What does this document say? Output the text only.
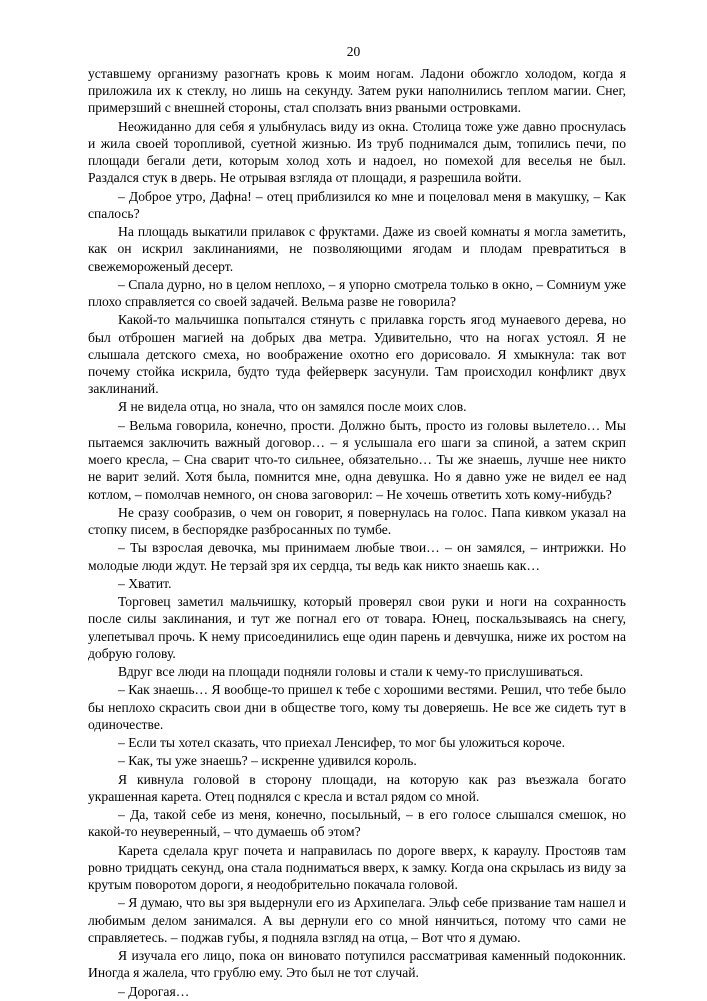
20

уставшему организму разогнать кровь к моим ногам. Ладони обожгло холодом, когда я приложила их к стеклу, но лишь на секунду. Затем руки наполнились теплом магии. Снег, примерзший с внешней стороны, стал сползать вниз рваными островками.

Неожиданно для себя я улыбнулась виду из окна. Столица тоже уже давно проснулась и жила своей торопливой, суетной жизнью. Из труб поднимался дым, топились печи, по площади бегали дети, которым холод хоть и надоел, но помехой для веселья не был. Раздался стук в дверь. Не отрывая взгляда от площади, я разрешила войти.

– Доброе утро, Дафна! – отец приблизился ко мне и поцеловал меня в макушку, – Как спалось?

На площадь выкатили прилавок с фруктами. Даже из своей комнаты я могла заметить, как он искрил заклинаниями, не позволяющими ягодам и плодам превратиться в свежемороженый десерт.

– Спала дурно, но в целом неплохо, – я упорно смотрела только в окно, – Сомниум уже плохо справляется со своей задачей. Вельма разве не говорила?

Какой-то мальчишка попытался стянуть с прилавка горсть ягод мунаевого дерева, но был отброшен магией на добрых два метра. Удивительно, что на ногах устоял. Я не слышала детского смеха, но воображение охотно его дорисовало. Я хмыкнула: так вот почему стойка искрила, будто туда фейерверк засунули. Там происходил конфликт двух заклинаний.

Я не видела отца, но знала, что он замялся после моих слов.

– Вельма говорила, конечно, прости. Должно быть, просто из головы вылетело… Мы пытаемся заключить важный договор… – я услышала его шаги за спиной, а затем скрип моего кресла, – Сна сварит что-то сильнее, обязательно… Ты же знаешь, лучше нее никто не варит зелий. Хотя была, помнится мне, одна девушка. Но я давно уже не видел ее над котлом, – помолчав немного, он снова заговорил: – Не хочешь ответить хоть кому-нибудь?

Не сразу сообразив, о чем он говорит, я повернулась на голос. Папа кивком указал на стопку писем, в беспорядке разбросанных по тумбе.

– Ты взрослая девочка, мы принимаем любые твои… – он замялся, – интрижки. Но молодые люди ждут. Не терзай зря их сердца, ты ведь как никто знаешь как…

– Хватит.

Торговец заметил мальчишку, который проверял свои руки и ноги на сохранность после силы заклинания, и тут же погнал его от товара. Юнец, поскальзываясь на снегу, улепетывал прочь. К нему присоединились еще один парень и девчушка, ниже их ростом на добрую голову.

Вдруг все люди на площади подняли головы и стали к чему-то прислушиваться.

– Как знаешь… Я вообще-то пришел к тебе с хорошими вестями. Решил, что тебе было бы неплохо скрасить свои дни в обществе того, кому ты доверяешь. Не все же сидеть тут в одиночестве.

– Если ты хотел сказать, что приехал Ленсифер, то мог бы уложиться короче.

– Как, ты уже знаешь? – искренне удивился король.

Я кивнула головой в сторону площади, на которую как раз въезжала богато украшенная карета. Отец поднялся с кресла и встал рядом со мной.

– Да, такой себе из меня, конечно, посыльный, – в его голосе слышался смешок, но какой-то неуверенный, – что думаешь об этом?

Карета сделала круг почета и направилась по дороге вверх, к караулу. Простояв там ровно тридцать секунд, она стала подниматься вверх, к замку. Когда она скрылась из виду за крутым поворотом дороги, я неодобрительно покачала головой.

– Я думаю, что вы зря выдернули его из Архипелага. Эльф себе призвание там нашел и любимым делом занимался. А вы дернули его со мной нянчиться, потому что сами не справляетесь. – поджав губы, я подняла взгляд на отца, – Вот что я думаю.

Я изучала его лицо, пока он виновато потупился рассматривая каменный подоконник. Иногда я жалела, что грублю ему. Это был не тот случай.

– Дорогая…
